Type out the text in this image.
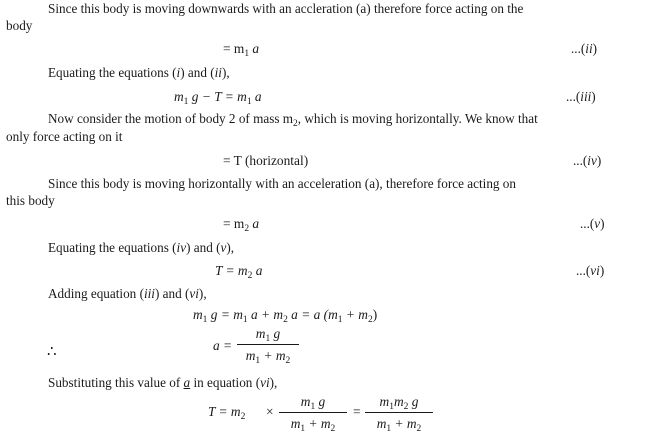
Since this body is moving downwards with an accleration (a) therefore force acting on the
body
= $m_1$ a	...(ii)
Equating the equations (i) and (ii),
$m_1$ $g - T = m_1$ a	...(iii)
Now consider the motion of body 2 of mass $m_2$, which is moving horizontally. We know that
only force acting on it
= T (horizontal)	...(iv)
Since this body is moving horizontally with an acceleration (a), therefore force acting on
this body
= $m_2$ a	...(v)
Equating the equations (iv) and (v),
$T = m_2$ a	...(vi)
Adding equation (iii) and (vi),
$m_1$ $g = m_1$ $a + m_2$ a = a $(m_1 + m_2)$
∴	a =
$m_1$ g
$m_1 + m_2$
Substituting this value of a in equation (vi),
$T = m_2$ ×
$m_1$ g
$m_1 + m_2$
=
$m_1m_2$ g
$m_1 + m_2$
